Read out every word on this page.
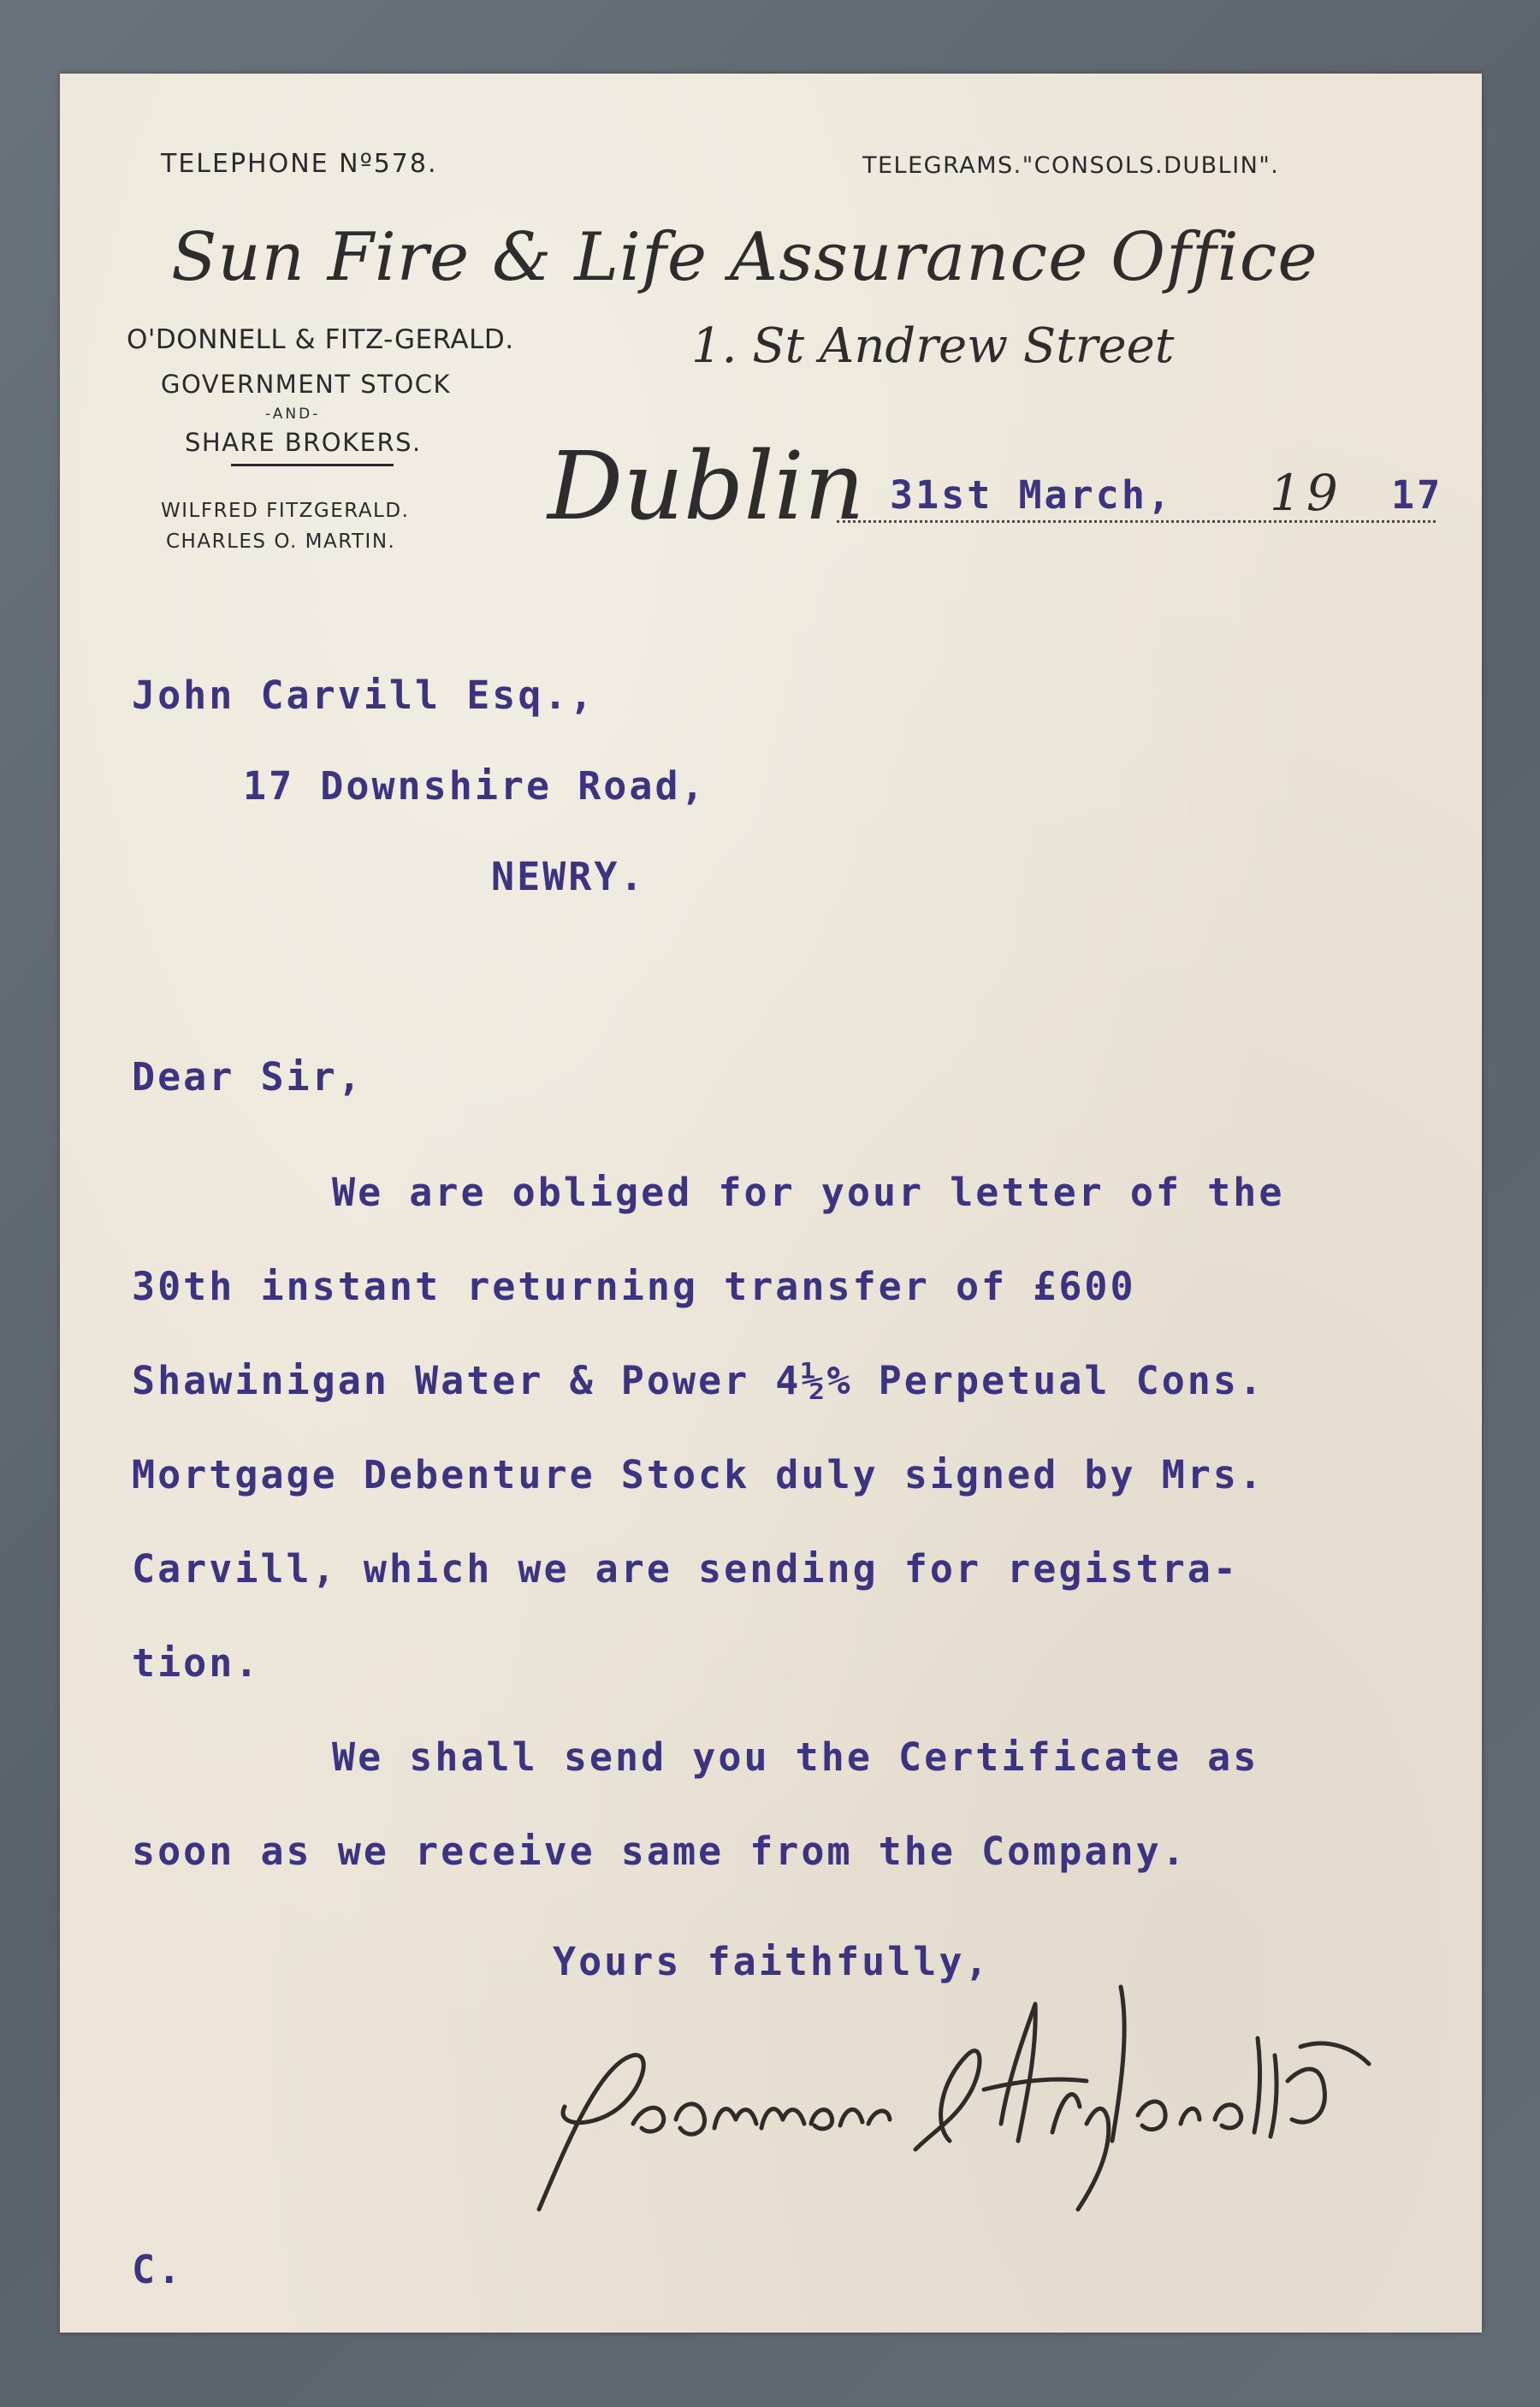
TELEPHONE Nº578.	TELEGRAMS."CONSOLS.DUBLIN".
Sun Fire & Life Assurance Office
1. St Andrew Street
O'DONNELL & FITZ-GERALD.
GOVERNMENT STOCK
-AND-
SHARE BROKERS.
WILFRED FITZGERALD.
CHARLES O. MARTIN.
Dublin 31st March, 19 17
John Carvill Esq.,
17 Downshire Road,
NEWRY.
Dear Sir,
We are obliged for your letter of the
30th instant returning transfer of £600
Shawinigan Water & Power 4½% Perpetual Cons.
Mortgage Debenture Stock duly signed by Mrs.
Carvill, which we are sending for registra-
tion.
We shall send you the Certificate as
soon as we receive same from the Company.
Yours faithfully,
C.
